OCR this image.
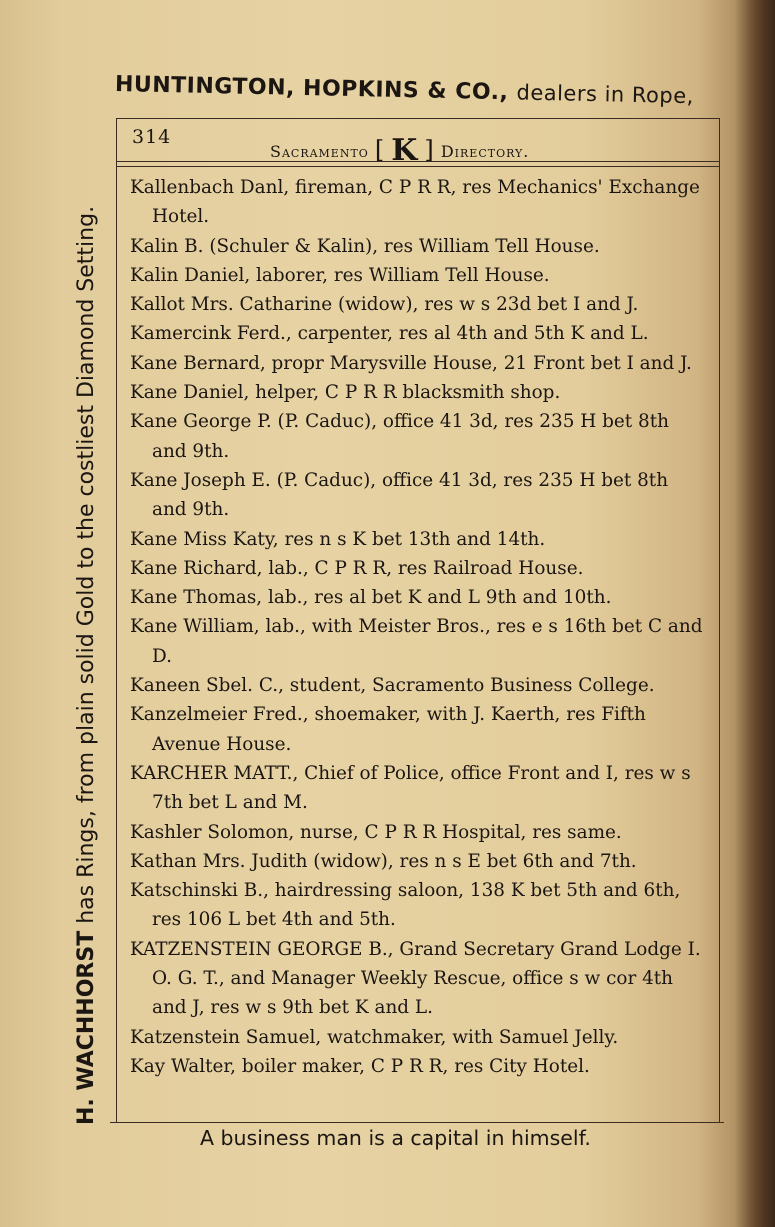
HUNTINGTON, HOPKINS & CO., dealers in Rope,
H. WACHHORST has Rings, from plain solid Gold to the costliest Diamond Setting.
314
Sacramento [ K ] Directory.
Kallenbach Danl, fireman, C P R R, res Mechanics' Exchange Hotel.
Kalin B. (Schuler & Kalin), res William Tell House.
Kalin Daniel, laborer, res William Tell House.
Kallot Mrs. Catharine (widow), res w s 23d bet I and J.
Kamercink Ferd., carpenter, res al 4th and 5th K and L.
Kane Bernard, propr Marysville House, 21 Front bet I and J.
Kane Daniel, helper, C P R R blacksmith shop.
Kane George P. (P. Caduc), office 41 3d, res 235 H bet 8th and 9th.
Kane Joseph E. (P. Caduc), office 41 3d, res 235 H bet 8th and 9th.
Kane Miss Katy, res n s K bet 13th and 14th.
Kane Richard, lab., C P R R, res Railroad House.
Kane Thomas, lab., res al bet K and L 9th and 10th.
Kane William, lab., with Meister Bros., res e s 16th bet C and D.
Kaneen Sbel. C., student, Sacramento Business College.
Kanzelmeier Fred., shoemaker, with J. Kaerth, res Fifth Avenue House.
KARCHER MATT., Chief of Police, office Front and I, res w s 7th bet L and M.
Kashler Solomon, nurse, C P R R Hospital, res same.
Kathan Mrs. Judith (widow), res n s E bet 6th and 7th.
Katschinski B., hairdressing saloon, 138 K bet 5th and 6th, res 106 L bet 4th and 5th.
KATZENSTEIN GEORGE B., Grand Secretary Grand Lodge I. O. G. T., and Manager Weekly Rescue, office s w cor 4th and J, res w s 9th bet K and L.
Katzenstein Samuel, watchmaker, with Samuel Jelly.
Kay Walter, boiler maker, C P R R, res City Hotel.
A business man is a capital in himself.
